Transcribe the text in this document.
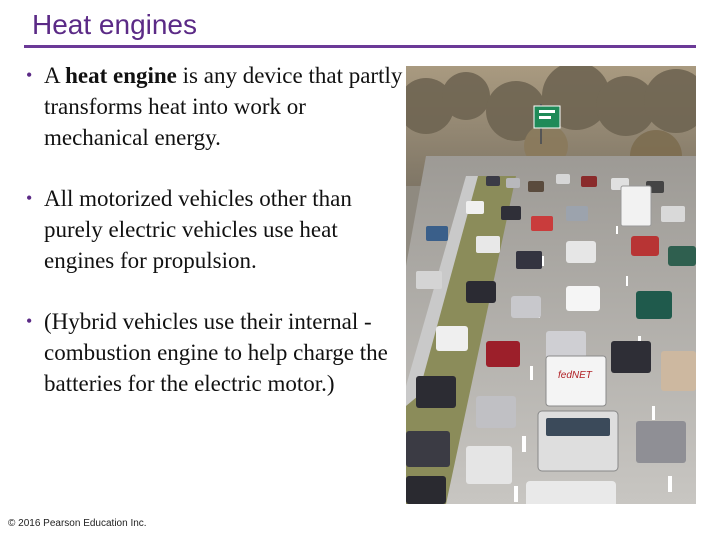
Heat engines
• A heat engine is any device that partly transforms heat into work or mechanical energy.
• All motorized vehicles other than purely electric vehicles use heat engines for propulsion.
• (Hybrid vehicles use their internal -combustion engine to help charge the batteries for the electric motor.)	fedNET
© 2016 Pearson Education Inc.
